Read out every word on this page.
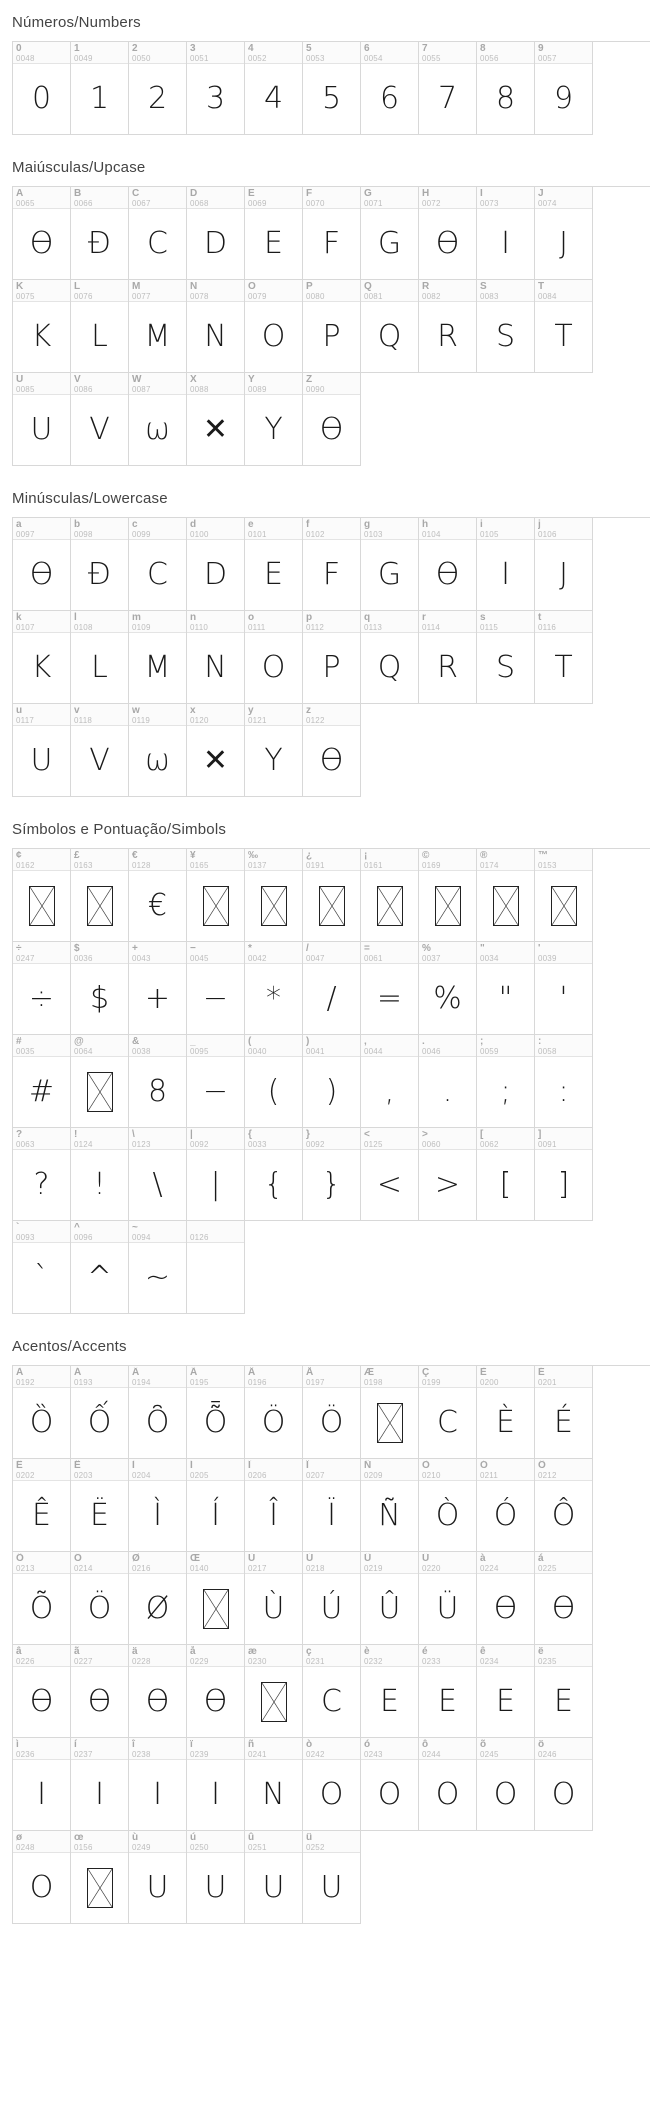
Números/Numbers
0
0048
0
1
0049
1
2
0050
2
3
0051
3
4
0052
4
5
0053
5
6
0054
6
7
0055
7
8
0056
8
9
0057
9
Maiúsculas/Upcase
A
0065
Ө
B
0066
Đ
C
0067
C
D
0068
D
E
0069
E
F
0070
F
G
0071
G
H
0072
Ө
I
0073
I
J
0074
J
K
0075
K
L
0076
L
M
0077
M
N
0078
N
O
0079
O
P
0080
P
Q
0081
Q
R
0082
R
S
0083
S
T
0084
T
U
0085
U
V
0086
V
W
0087
ω
X
0088
✕
Y
0089
Y
Z
0090
ϴ
Minúsculas/Lowercase
a
0097
Ө
b
0098
Đ
c
0099
C
d
0100
D
e
0101
E
f
0102
F
g
0103
G
h
0104
Ө
i
0105
I
j
0106
J
k
0107
K
l
0108
L
m
0109
M
n
0110
N
o
0111
O
p
0112
P
q
0113
Q
r
0114
R
s
0115
S
t
0116
T
u
0117
U
v
0118
V
w
0119
ω
x
0120
✕
y
0121
Y
z
0122
ϴ
Símbolos e Pontuação/Simbols
¢
0162
£
0163
€
0128
€
¥
0165
‰
0137
¿
0191
¡
0161
©
0169
®
0174
™
0153
÷
0247
÷
$
0036
$
+
0043
+
−
0045
−
*
0042
*
/
0047
/
=
0061
=
%
0037
%
"
0034
"
'
0039
'
#
0035
#
@
0064
&
0038
8
_
0095
−
(
0040
(
)
0041
)
,
0044
,
.
0046
.
;
0059
;
:
0058
:
?
0063
?
!
0124
!
\
0123
\
|
0092
|
{
0033
{
}
0092
}
<
0125
<
>
0060
>
[
0062
[
]
0091
]
`
0093
`
^
0096
^
~
0094
~
0126
Acentos/Accents
À
0192
Ȍ
Á
0193
Ố
Â
0194
Ȏ
Ã
0195
Ȭ
Ä
0196
Ö
Å
0197
Ö
Æ
0198
Ç
0199
C
È
0200
È
É
0201
É
Ê
0202
Ê
Ë
0203
Ë
Ì
0204
Ì
Í
0205
Í
Î
0206
Î
Ï
0207
Ï
Ñ
0209
Ñ
Ò
0210
Ò
Ó
0211
Ó
Ô
0212
Ô
Õ
0213
Õ
Ö
0214
Ö
Ø
0216
Ø
Œ
0140
Ù
0217
Ù
Ú
0218
Ú
Û
0219
Û
Ü
0220
Ü
à
0224
Ө
á
0225
Ө
â
0226
Ө
ã
0227
Ө
ä
0228
Ө
å
0229
Ө
æ
0230
ç
0231
C
è
0232
E
é
0233
E
ê
0234
E
ë
0235
E
ì
0236
I
í
0237
I
î
0238
I
ï
0239
I
ñ
0241
N
ò
0242
O
ó
0243
O
ô
0244
O
õ
0245
O
ö
0246
O
ø
0248
O
œ
0156
ù
0249
U
ú
0250
U
û
0251
U
ü
0252
U
